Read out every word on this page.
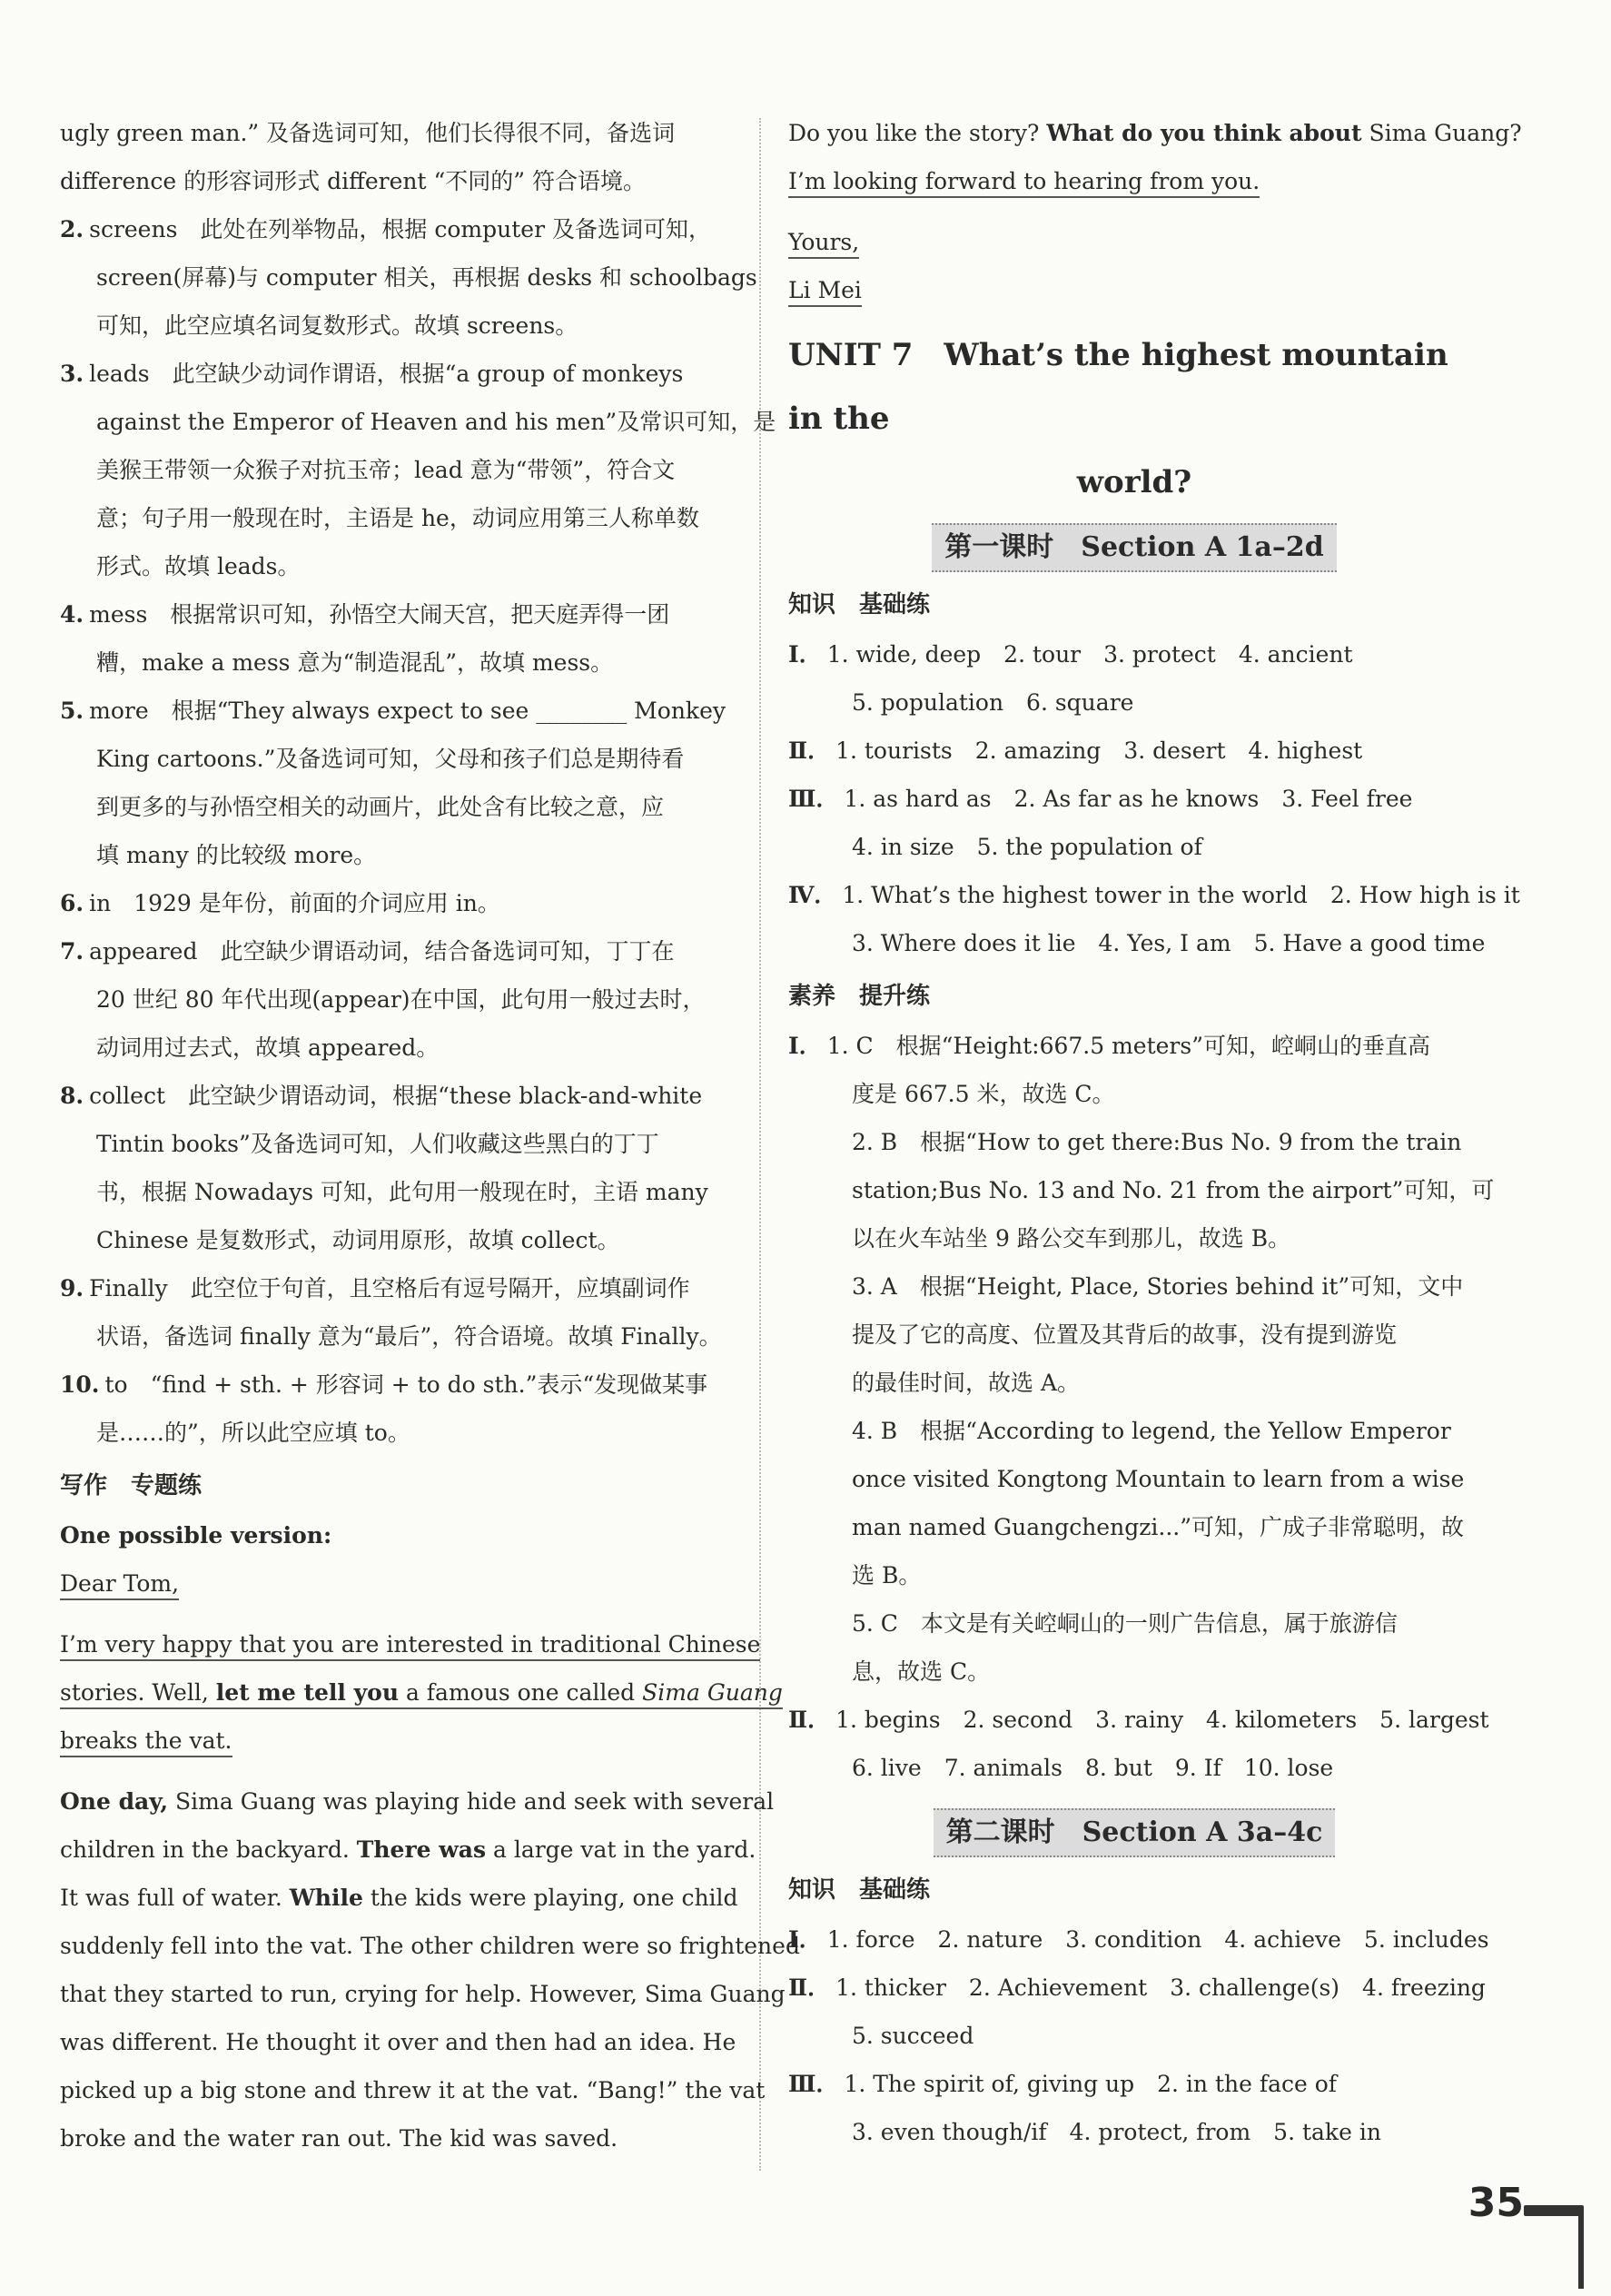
ugly green man.” 及备选词可知，他们长得很不同，备选词
difference 的形容词形式 different “不同的” 符合语境。
2. screens　此处在列举物品，根据 computer 及备选词可知，
screen(屏幕)与 computer 相关，再根据 desks 和 schoolbags
可知，此空应填名词复数形式。故填 screens。
3. leads　此空缺少动词作谓语，根据“a group of monkeys
against the Emperor of Heaven and his men”及常识可知，是
美猴王带领一众猴子对抗玉帝；lead 意为“带领”，符合文
意；句子用一般现在时，主语是 he，动词应用第三人称单数
形式。故填 leads。
4. mess　根据常识可知，孙悟空大闹天宫，把天庭弄得一团
糟，make a mess 意为“制造混乱”，故填 mess。
5. more　根据“They always expect to see ________ Monkey
King cartoons.”及备选词可知，父母和孩子们总是期待看
到更多的与孙悟空相关的动画片，此处含有比较之意，应
填 many 的比较级 more。
6. in　1929 是年份，前面的介词应用 in。
7. appeared　此空缺少谓语动词，结合备选词可知，丁丁在
20 世纪 80 年代出现(appear)在中国，此句用一般过去时，
动词用过去式，故填 appeared。
8. collect　此空缺少谓语动词，根据“these black-and-white
Tintin books”及备选词可知，人们收藏这些黑白的丁丁
书，根据 Nowadays 可知，此句用一般现在时，主语 many
Chinese 是复数形式，动词用原形，故填 collect。
9. Finally　此空位于句首，且空格后有逗号隔开，应填副词作
状语，备选词 finally 意为“最后”，符合语境。故填 Finally。
10. to　“find + sth. + 形容词 + to do sth.”表示“发现做某事
是……的”，所以此空应填 to。
写作　专题练
One possible version:
Dear Tom,
I’m very happy that you are interested in traditional Chinese
stories. Well, let me tell you a famous one called Sima Guang
breaks the vat.
One day, Sima Guang was playing hide and seek with several
children in the backyard. There was a large vat in the yard.
It was full of water. While the kids were playing, one child
suddenly fell into the vat. The other children were so frightened
that they started to run, crying for help. However, Sima Guang
was different. He thought it over and then had an idea. He
picked up a big stone and threw it at the vat. “Bang!” the vat
broke and the water ran out. The kid was saved.
Do you like the story? What do you think about Sima Guang?
I’m looking forward to hearing from you.
Yours,
Li Mei
UNIT 7　What’s the highest mountain in the
world?
第一课时　Section A 1a–2d
知识　基础练
Ⅰ． 1. wide, deep　2. tour　3. protect　4. ancient
5. population　6. square
Ⅱ． 1. tourists　2. amazing　3. desert　4. highest
Ⅲ． 1. as hard as　2. As far as he knows　3. Feel free
4. in size　5. the population of
Ⅳ． 1. What’s the highest tower in the world　2. How high is it
3. Where does it lie　4. Yes, I am　5. Have a good time
素养　提升练
Ⅰ． 1. C　根据“Height:667.5 meters”可知，崆峒山的垂直高
度是 667.5 米，故选 C。
2. B　根据“How to get there:Bus No. 9 from the train
station;Bus No. 13 and No. 21 from the airport”可知，可
以在火车站坐 9 路公交车到那儿，故选 B。
3. A　根据“Height, Place, Stories behind it”可知，文中
提及了它的高度、位置及其背后的故事，没有提到游览
的最佳时间，故选 A。
4. B　根据“According to legend, the Yellow Emperor
once visited Kongtong Mountain to learn from a wise
man named Guangchengzi...”可知，广成子非常聪明，故
选 B。
5. C　本文是有关崆峒山的一则广告信息，属于旅游信
息，故选 C。
Ⅱ． 1. begins　2. second　3. rainy　4. kilometers　5. largest
6. live　7. animals　8. but　9. If　10. lose
第二课时　Section A 3a–4c
知识　基础练
Ⅰ． 1. force　2. nature　3. condition　4. achieve　5. includes
Ⅱ． 1. thicker　2. Achievement　3. challenge(s)　4. freezing
5. succeed
Ⅲ． 1. The spirit of, giving up　2. in the face of
3. even though/if　4. protect, from　5. take in
35
